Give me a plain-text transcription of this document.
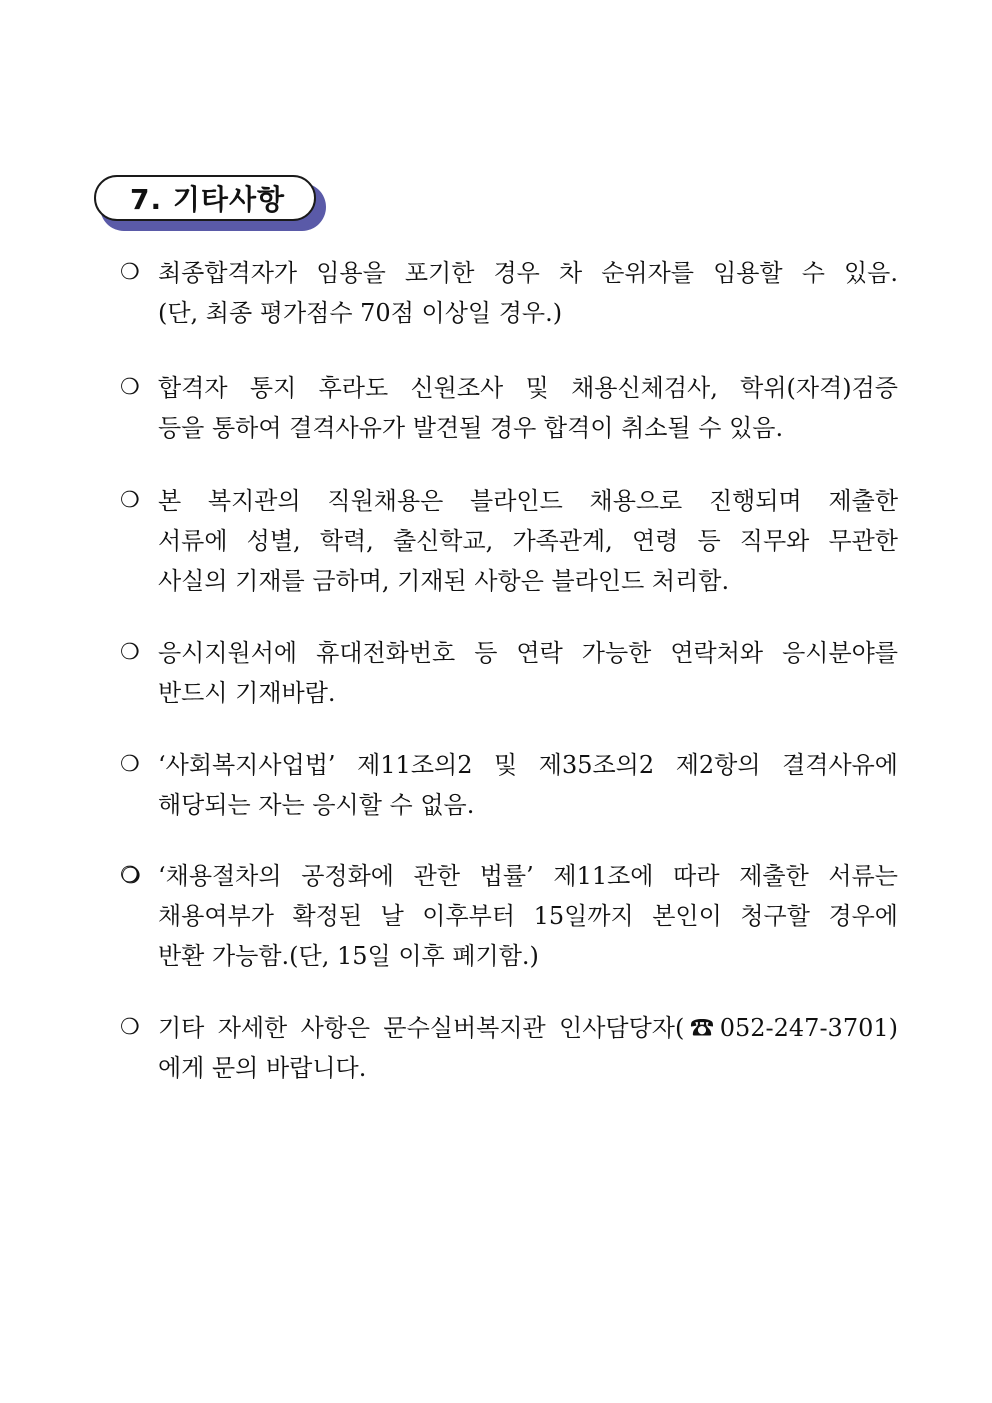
7. 기타사항
❍ 최종합격자가 임용을 포기한 경우 차 순위자를 임용할 수 있음.
(단, 최종 평가점수 70점 이상일 경우.)
❍ 합격자 통지 후라도 신원조사 및 채용신체검사, 학위(자격)검증
등을 통하여 결격사유가 발견될 경우 합격이 취소될 수 있음.
❍ 본 복지관의 직원채용은 블라인드 채용으로 진행되며 제출한
서류에 성별, 학력, 출신학교, 가족관계, 연령 등 직무와 무관한
사실의 기재를 금하며, 기재된 사항은 블라인드 처리함.
❍ 응시지원서에 휴대전화번호 등 연락 가능한 연락처와 응시분야를
반드시 기재바람.
❍ ‘사회복지사업법’ 제11조의2 및 제35조의2 제2항의 결격사유에
해당되는 자는 응시할 수 없음.
❍ ‘채용절차의 공정화에 관한 법률’ 제11조에 따라 제출한 서류는
채용여부가 확정된 날 이후부터 15일까지 본인이 청구할 경우에
반환 가능함.(단, 15일 이후 폐기함.)
❍ 기타 자세한 사항은 문수실버복지관 인사담당자(☎052-247-3701)
에게 문의 바랍니다.
